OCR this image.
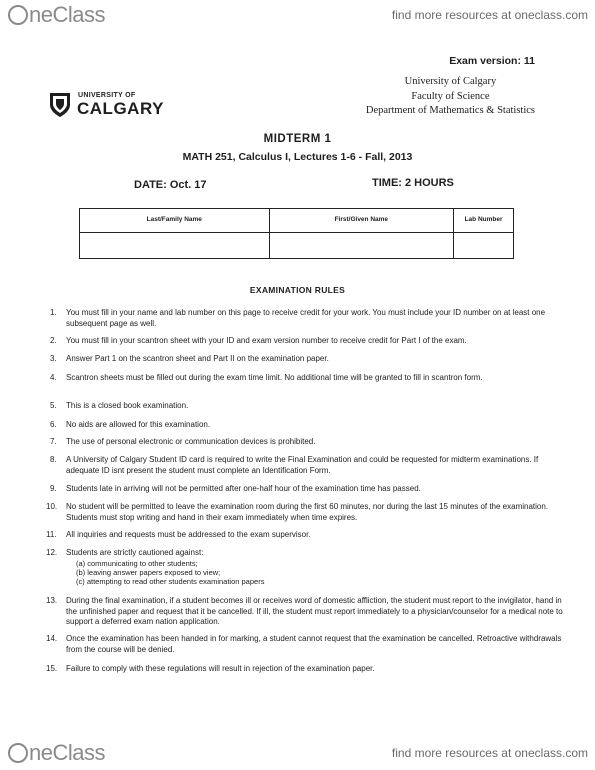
neClass	find more resources at oneclass.com
Exam version: 11
UNIVERSITY OF
CALGARY
University of Calgary
Faculty of Science
Department of Mathematics & Statistics
MIDTERM 1
MATH 251, Calculus I, Lectures 1-6 - Fall, 2013
DATE: Oct. 17	TIME: 2 HOURS
Last/Family Name	First/Given Name	Lab Number

EXAMINATION RULES
1.	You must fill in your name and lab number on this page to receive credit for your work. You must include your ID number on at least one subsequent page as well.
2.	You must fill in your scantron sheet with your ID and exam version number to receive credit for Part I of the exam.
3.	Answer Part 1 on the scantron sheet and Part II on the examination paper.
4.	Scantron sheets must be filled out during the exam time limit. No additional time will be granted to fill in scantron form.
5.	This is a closed book examination.
6.	No aids are allowed for this examination.
7.	The use of personal electronic or communication devices is prohibited.
8.	A University of Calgary Student ID card is required to write the Final Examination and could be requested for midterm examinations. If adequate ID isnt present the student must complete an Identification Form.
9.	Students late in arriving will not be permitted after one-half hour of the examination time has passed.
10.	No student will be permitted to leave the examination room during the first 60 minutes, nor during the last 15 minutes of the examination. Students must stop writing and hand in their exam immediately when time expires.
11.	All inquiries and requests must be addressed to the exam supervisor.
12.	Students are strictly cautioned against:
(a) communicating to other students;
(b) leaving answer papers exposed to view;
(c) attempting to read other students examination papers
13.	During the final examination, if a student becomes ill or receives word of domestic affliction, the student must report to the invigilator, hand in the unfinished paper and request that it be cancelled. If ill, the student must report immediately to a physician/counselor for a medical note to support a deferred exam nation application.
14.	Once the examination has been handed in for marking, a student cannot request that the examination be cancelled. Retroactive withdrawals from the course will be denied.
15.	Failure to comply with these regulations will result in rejection of the examination paper.
neClass	find more resources at oneclass.com
